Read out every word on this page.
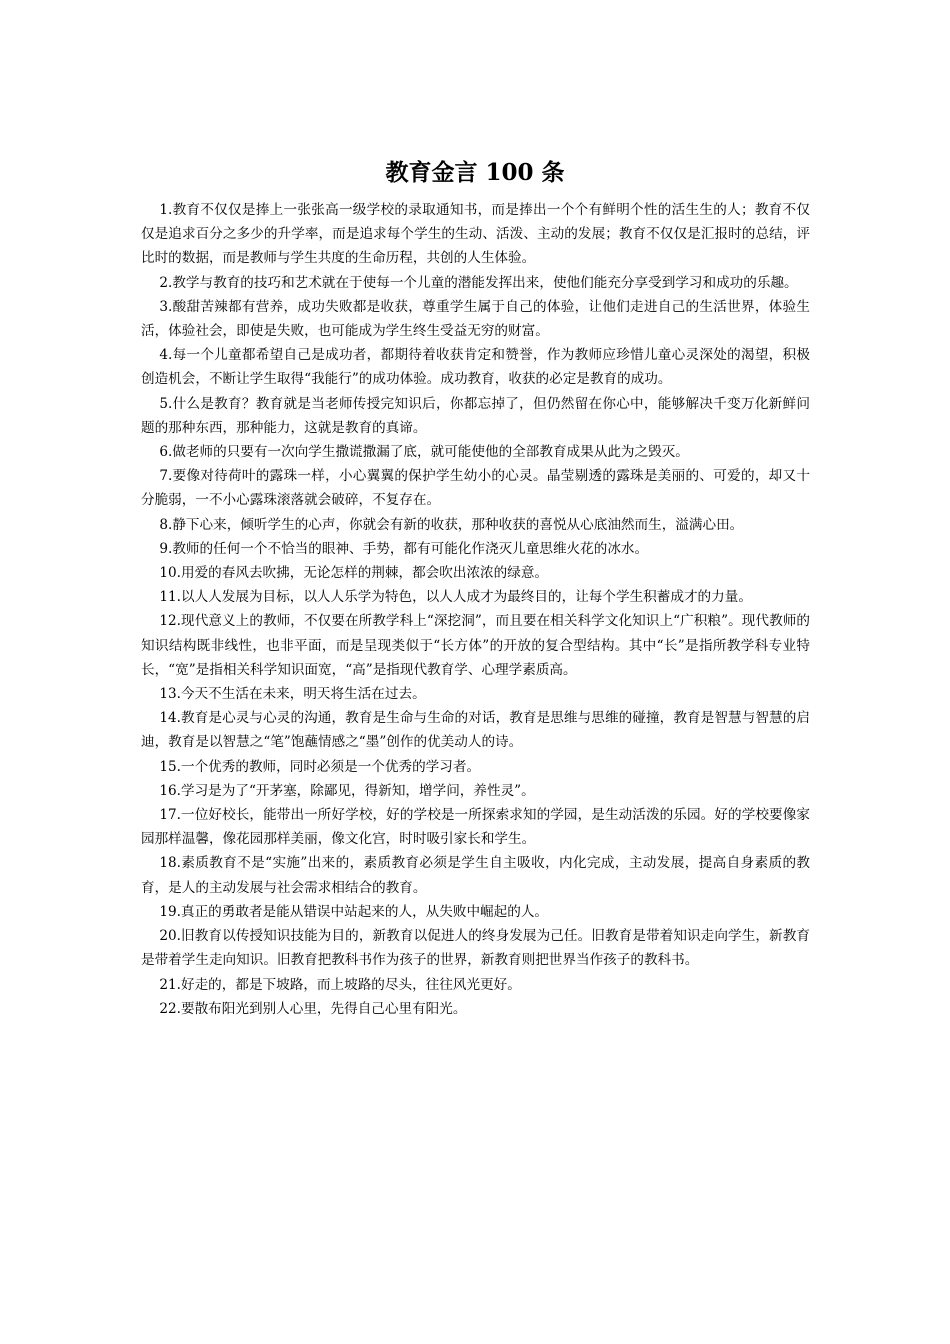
教育金言 100 条

1.教育不仅仅是捧上一张张高一级学校的录取通知书，而是捧出一个个有鲜明个性的活生生的人；教育不仅仅是追求百分之多少的升学率，而是追求每个学生的生动、活泼、主动的发展；教育不仅仅是汇报时的总结，评比时的数据，而是教师与学生共度的生命历程，共创的人生体验。

2.教学与教育的技巧和艺术就在于使每一个儿童的潜能发挥出来，使他们能充分享受到学习和成功的乐趣。

3.酸甜苦辣都有营养，成功失败都是收获，尊重学生属于自己的体验，让他们走进自己的生活世界，体验生活，体验社会，即使是失败，也可能成为学生终生受益无穷的财富。

4.每一个儿童都希望自己是成功者，都期待着收获肯定和赞誉，作为教师应珍惜儿童心灵深处的渴望，积极创造机会，不断让学生取得“我能行”的成功体验。成功教育，收获的必定是教育的成功。

5.什么是教育？教育就是当老师传授完知识后，你都忘掉了，但仍然留在你心中，能够解决千变万化新鲜问题的那种东西，那种能力，这就是教育的真谛。

6.做老师的只要有一次向学生撒谎撒漏了底，就可能使他的全部教育成果从此为之毁灭。

7.要像对待荷叶的露珠一样，小心翼翼的保护学生幼小的心灵。晶莹剔透的露珠是美丽的、可爱的，却又十分脆弱，一不小心露珠滚落就会破碎，不复存在。

8.静下心来，倾听学生的心声，你就会有新的收获，那种收获的喜悦从心底油然而生，溢满心田。

9.教师的任何一个不恰当的眼神、手势，都有可能化作浇灭儿童思维火花的冰水。

10.用爱的春风去吹拂，无论怎样的荆棘，都会吹出浓浓的绿意。

11.以人人发展为目标，以人人乐学为特色，以人人成才为最终目的，让每个学生积蓄成才的力量。

12.现代意义上的教师，不仅要在所教学科上“深挖洞”，而且要在相关科学文化知识上“广积粮”。现代教师的知识结构既非线性，也非平面，而是呈现类似于“长方体”的开放的复合型结构。其中“长”是指所教学科专业特长，“宽”是指相关科学知识面宽，“高”是指现代教育学、心理学素质高。

13.今天不生活在未来，明天将生活在过去。

14.教育是心灵与心灵的沟通，教育是生命与生命的对话，教育是思维与思维的碰撞，教育是智慧与智慧的启迪，教育是以智慧之“笔”饱蘸情感之“墨”创作的优美动人的诗。

15.一个优秀的教师，同时必须是一个优秀的学习者。

16.学习是为了“开茅塞，除鄙见，得新知，增学问，养性灵”。

17.一位好校长，能带出一所好学校，好的学校是一所探索求知的学园，是生动活泼的乐园。好的学校要像家园那样温馨，像花园那样美丽，像文化宫，时时吸引家长和学生。

18.素质教育不是“实施”出来的，素质教育必须是学生自主吸收，内化完成，主动发展，提高自身素质的教育，是人的主动发展与社会需求相结合的教育。

19.真正的勇敢者是能从错误中站起来的人，从失败中崛起的人。

20.旧教育以传授知识技能为目的，新教育以促进人的终身发展为己任。旧教育是带着知识走向学生，新教育是带着学生走向知识。旧教育把教科书作为孩子的世界，新教育则把世界当作孩子的教科书。

21.好走的，都是下坡路，而上坡路的尽头，往往风光更好。

22.要散布阳光到别人心里，先得自己心里有阳光。
